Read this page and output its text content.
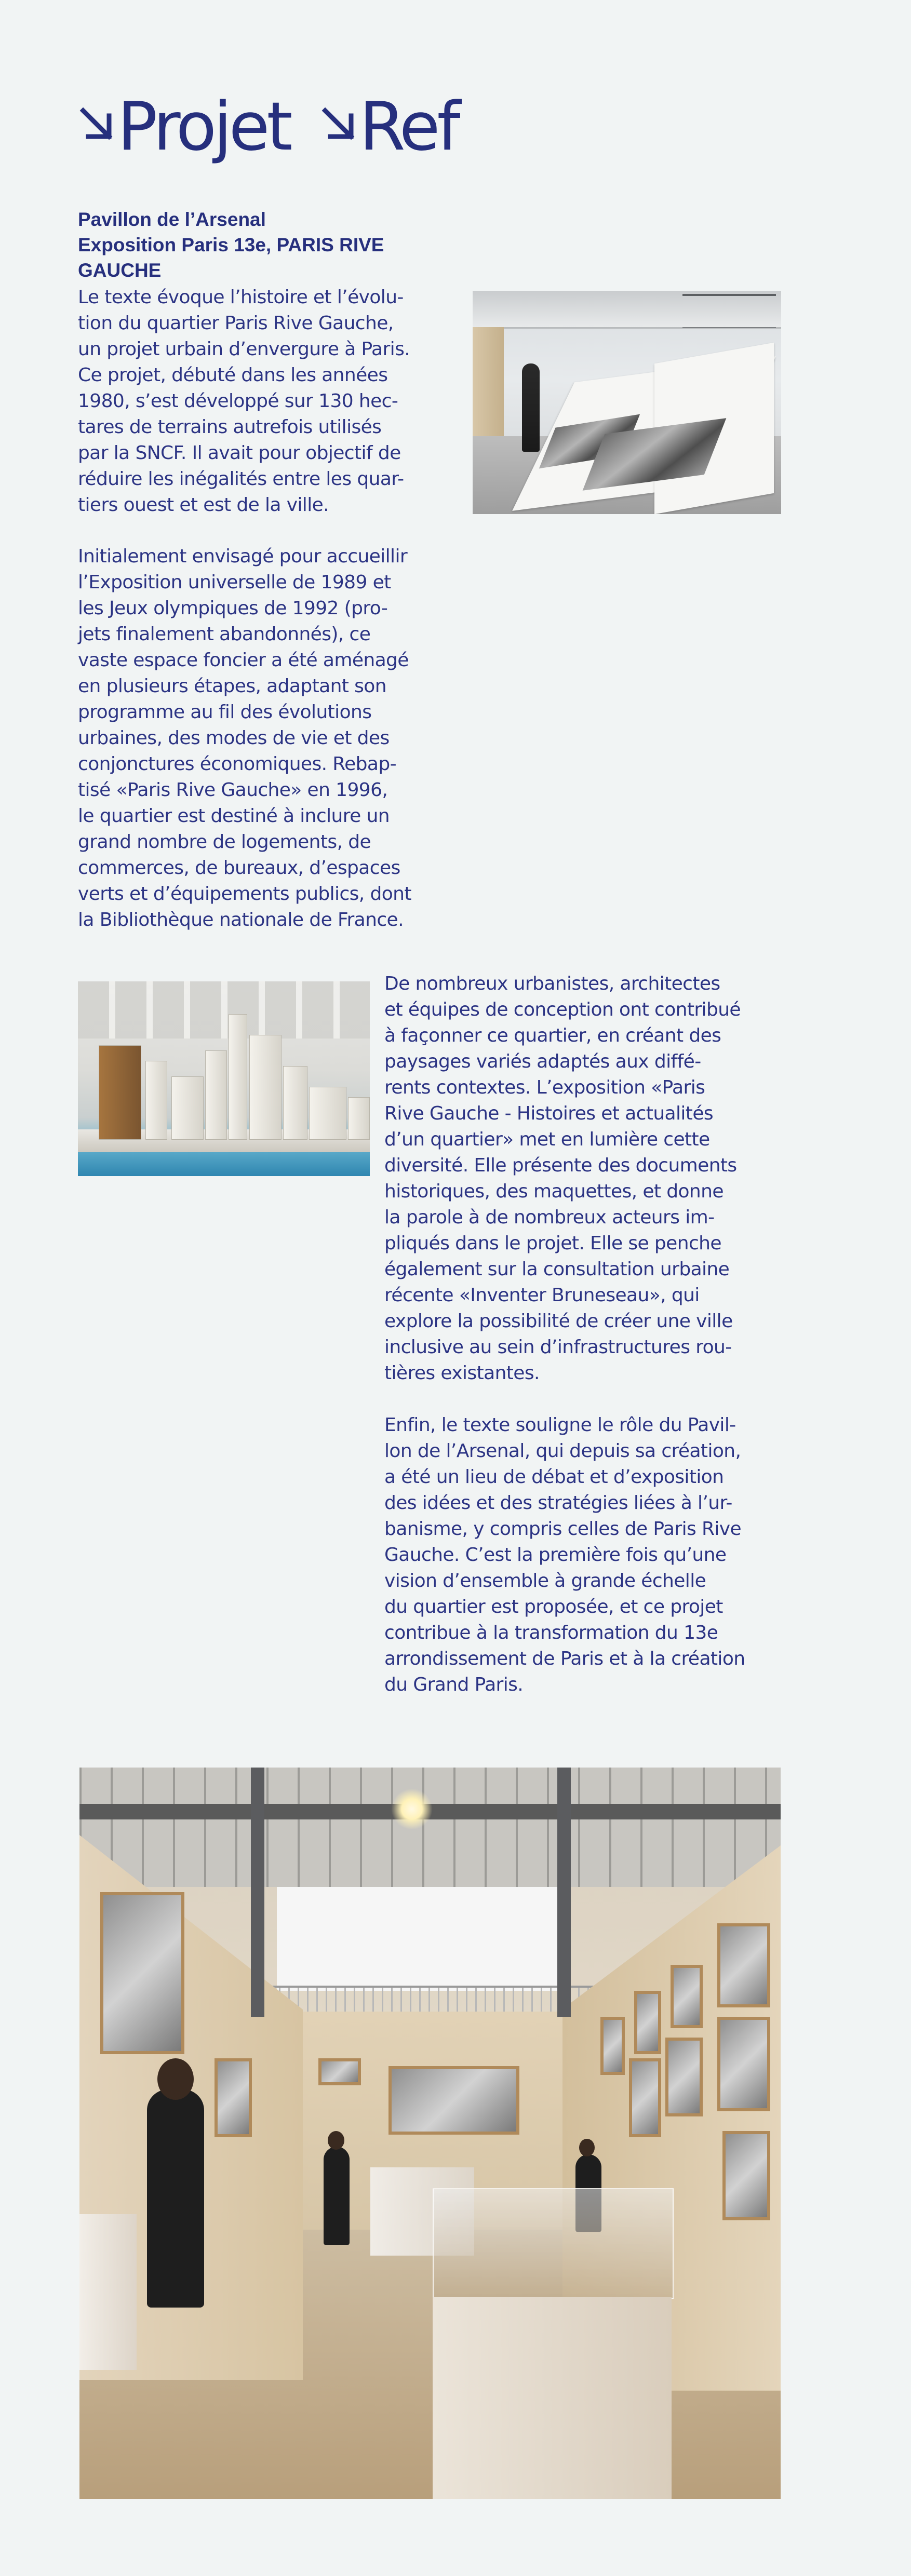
Projet Ref
Pavillon de l’Arsenal
Exposition Paris 13e, PARIS RIVE
GAUCHE
Le texte évoque l’histoire et l’évolu-
tion du quartier Paris Rive Gauche,
un projet urbain d’envergure à Paris.
Ce projet, débuté dans les années
1980, s’est développé sur 130 hec-
tares de terrains autrefois utilisés
par la SNCF. Il avait pour objectif de
réduire les inégalités entre les quar-
tiers ouest et est de la ville.
Initialement envisagé pour accueillir
l’Exposition universelle de 1989 et
les Jeux olympiques de 1992 (pro-
jets finalement abandonnés), ce
vaste espace foncier a été aménagé
en plusieurs étapes, adaptant son
programme au fil des évolutions
urbaines, des modes de vie et des
conjonctures économiques. Rebap-
tisé «Paris Rive Gauche» en 1996,
le quartier est destiné à inclure un
grand nombre de logements, de
commerces, de bureaux, d’espaces
verts et d’équipements publics, dont
la Bibliothèque nationale de France.
De nombreux urbanistes, architectes
et équipes de conception ont contribué
à façonner ce quartier, en créant des
paysages variés adaptés aux diffé-
rents contextes. L’exposition «Paris
Rive Gauche - Histoires et actualités
d’un quartier» met en lumière cette
diversité. Elle présente des documents
historiques, des maquettes, et donne
la parole à de nombreux acteurs im-
pliqués dans le projet. Elle se penche
également sur la consultation urbaine
récente «Inventer Bruneseau», qui
explore la possibilité de créer une ville
inclusive au sein d’infrastructures rou-
tières existantes.
Enfin, le texte souligne le rôle du Pavil-
lon de l’Arsenal, qui depuis sa création,
a été un lieu de débat et d’exposition
des idées et des stratégies liées à l’ur-
banisme, y compris celles de Paris Rive
Gauche. C’est la première fois qu’une
vision d’ensemble à grande échelle
du quartier est proposée, et ce projet
contribue à la transformation du 13e
arrondissement de Paris et à la création
du Grand Paris.
